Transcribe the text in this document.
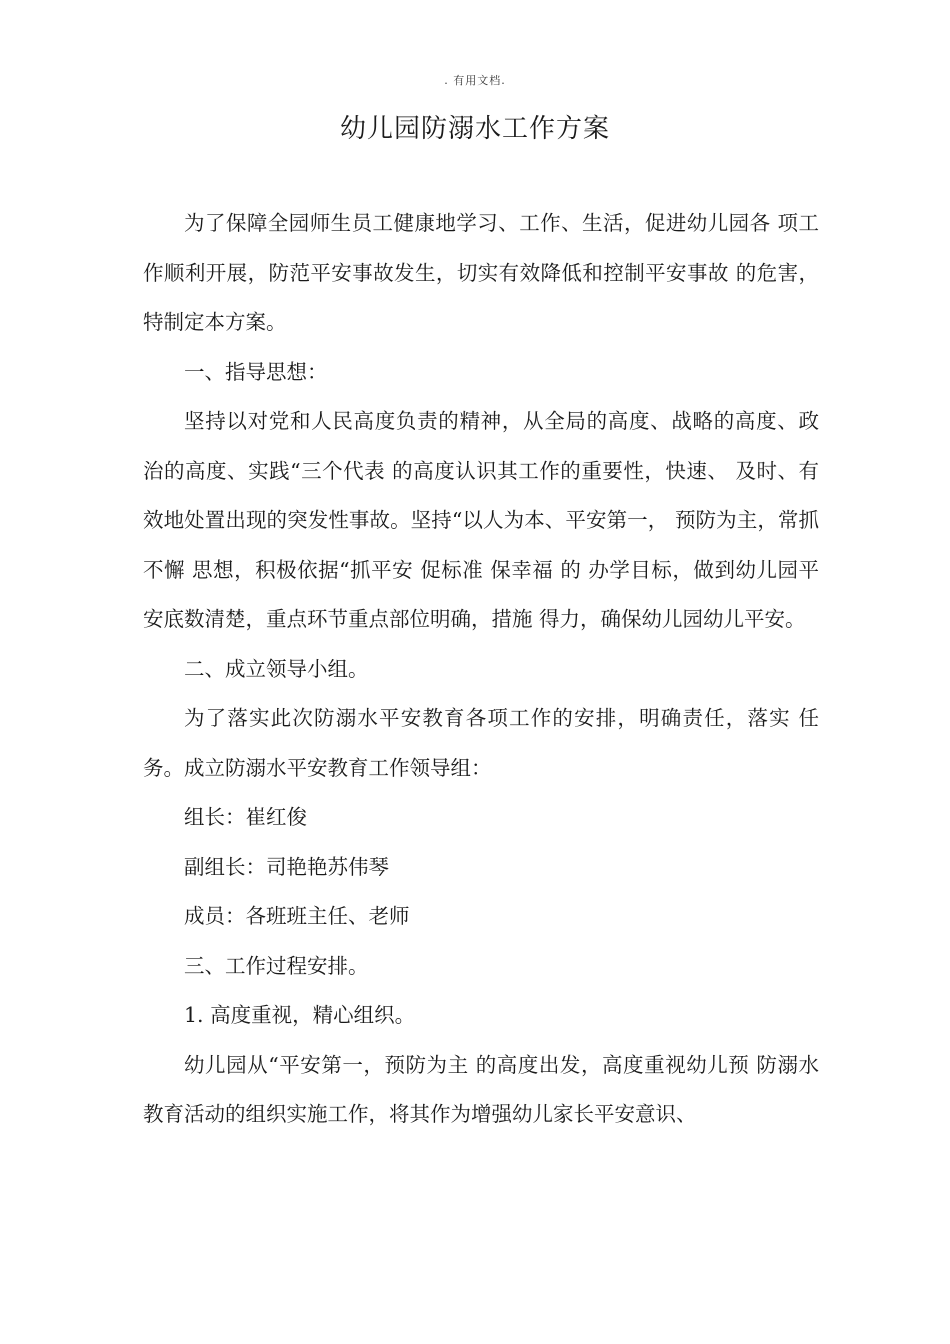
. 有用文档.
幼儿园防溺水工作方案

为了保障全园师生员工健康地学习、工作、生活，促进幼儿园各 项工作顺利开展，防范平安事故发生，切实有效降低和控制平安事故 的危害，特制定本方案。

一、指导思想：

坚持以对党和人民高度负责的精神，从全局的高度、战略的高度、政治的高度、实践“三个代表 的高度认识其工作的重要性，快速、 及时、有效地处置出现的突发性事故。坚持“以人为本、平安第一， 预防为主，常抓不懈 思想，积极依据“抓平安 促标准 保幸福 的 办学目标，做到幼儿园平安底数清楚，重点环节重点部位明确，措施 得力，确保幼儿园幼儿平安。

二、成立领导小组。

为了落实此次防溺水平安教育各项工作的安排，明确责任，落实 任务。成立防溺水平安教育工作领导组：

组长：崔红俊

副组长：司艳艳苏伟琴

成员：各班班主任、老师

三、工作过程安排。

1. 高度重视，精心组织。

幼儿园从“平安第一，预防为主 的高度出发，高度重视幼儿预 防溺水教育活动的组织实施工作，将其作为增强幼儿家长平安意识、
